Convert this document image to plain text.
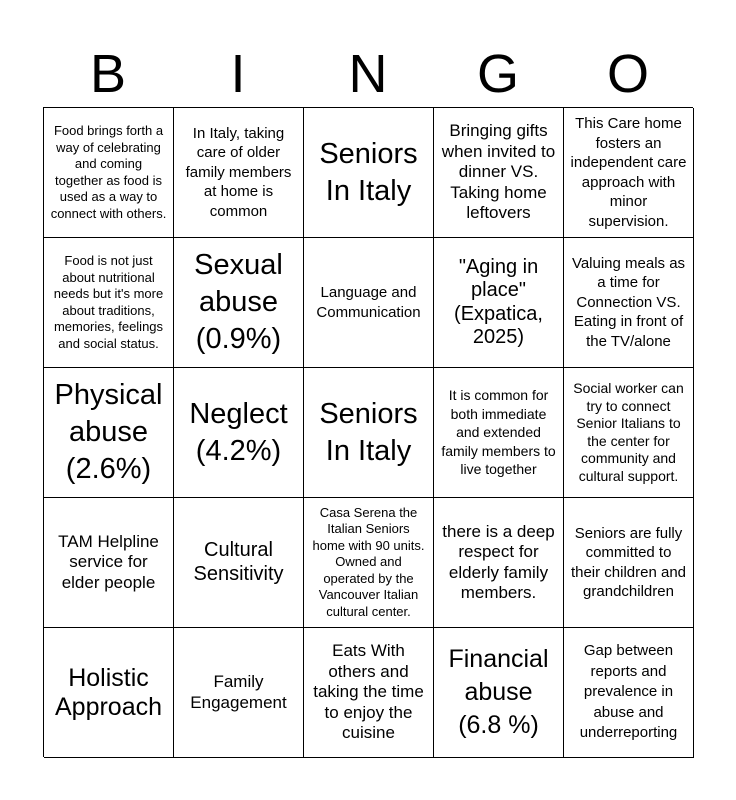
B	I	N	G	O
Food brings forth a way of celebrating and coming together as food is used as a way to connect with others.
In Italy, taking care of older family members at home is common
Seniors In Italy
Bringing gifts when invited to dinner VS. Taking home leftovers
This Care home fosters an independent care approach with minor supervision.
Food is not just about nutritional needs but it's more about traditions, memories, feelings and social status.
Sexual abuse (0.9%)
Language and Communication
"Aging in place" (Expatica, 2025)
Valuing meals as a time for Connection VS. Eating in front of the TV/alone
Physical abuse (2.6%)
Neglect (4.2%)
Seniors In Italy
It is common for both immediate and extended family members to live together
Social worker can try to connect Senior Italians to the center for community and cultural support.
TAM Helpline service for elder people
Cultural Sensitivity
Casa Serena the Italian Seniors home with 90 units. Owned and operated by the Vancouver Italian cultural center.
there is a deep respect for elderly family members.
Seniors are fully committed to their children and grandchildren
Holistic Approach
Family Engagement
Eats With others and taking the time to enjoy the cuisine
Financial abuse (6.8 %)
Gap between reports and prevalence in abuse and underreporting
